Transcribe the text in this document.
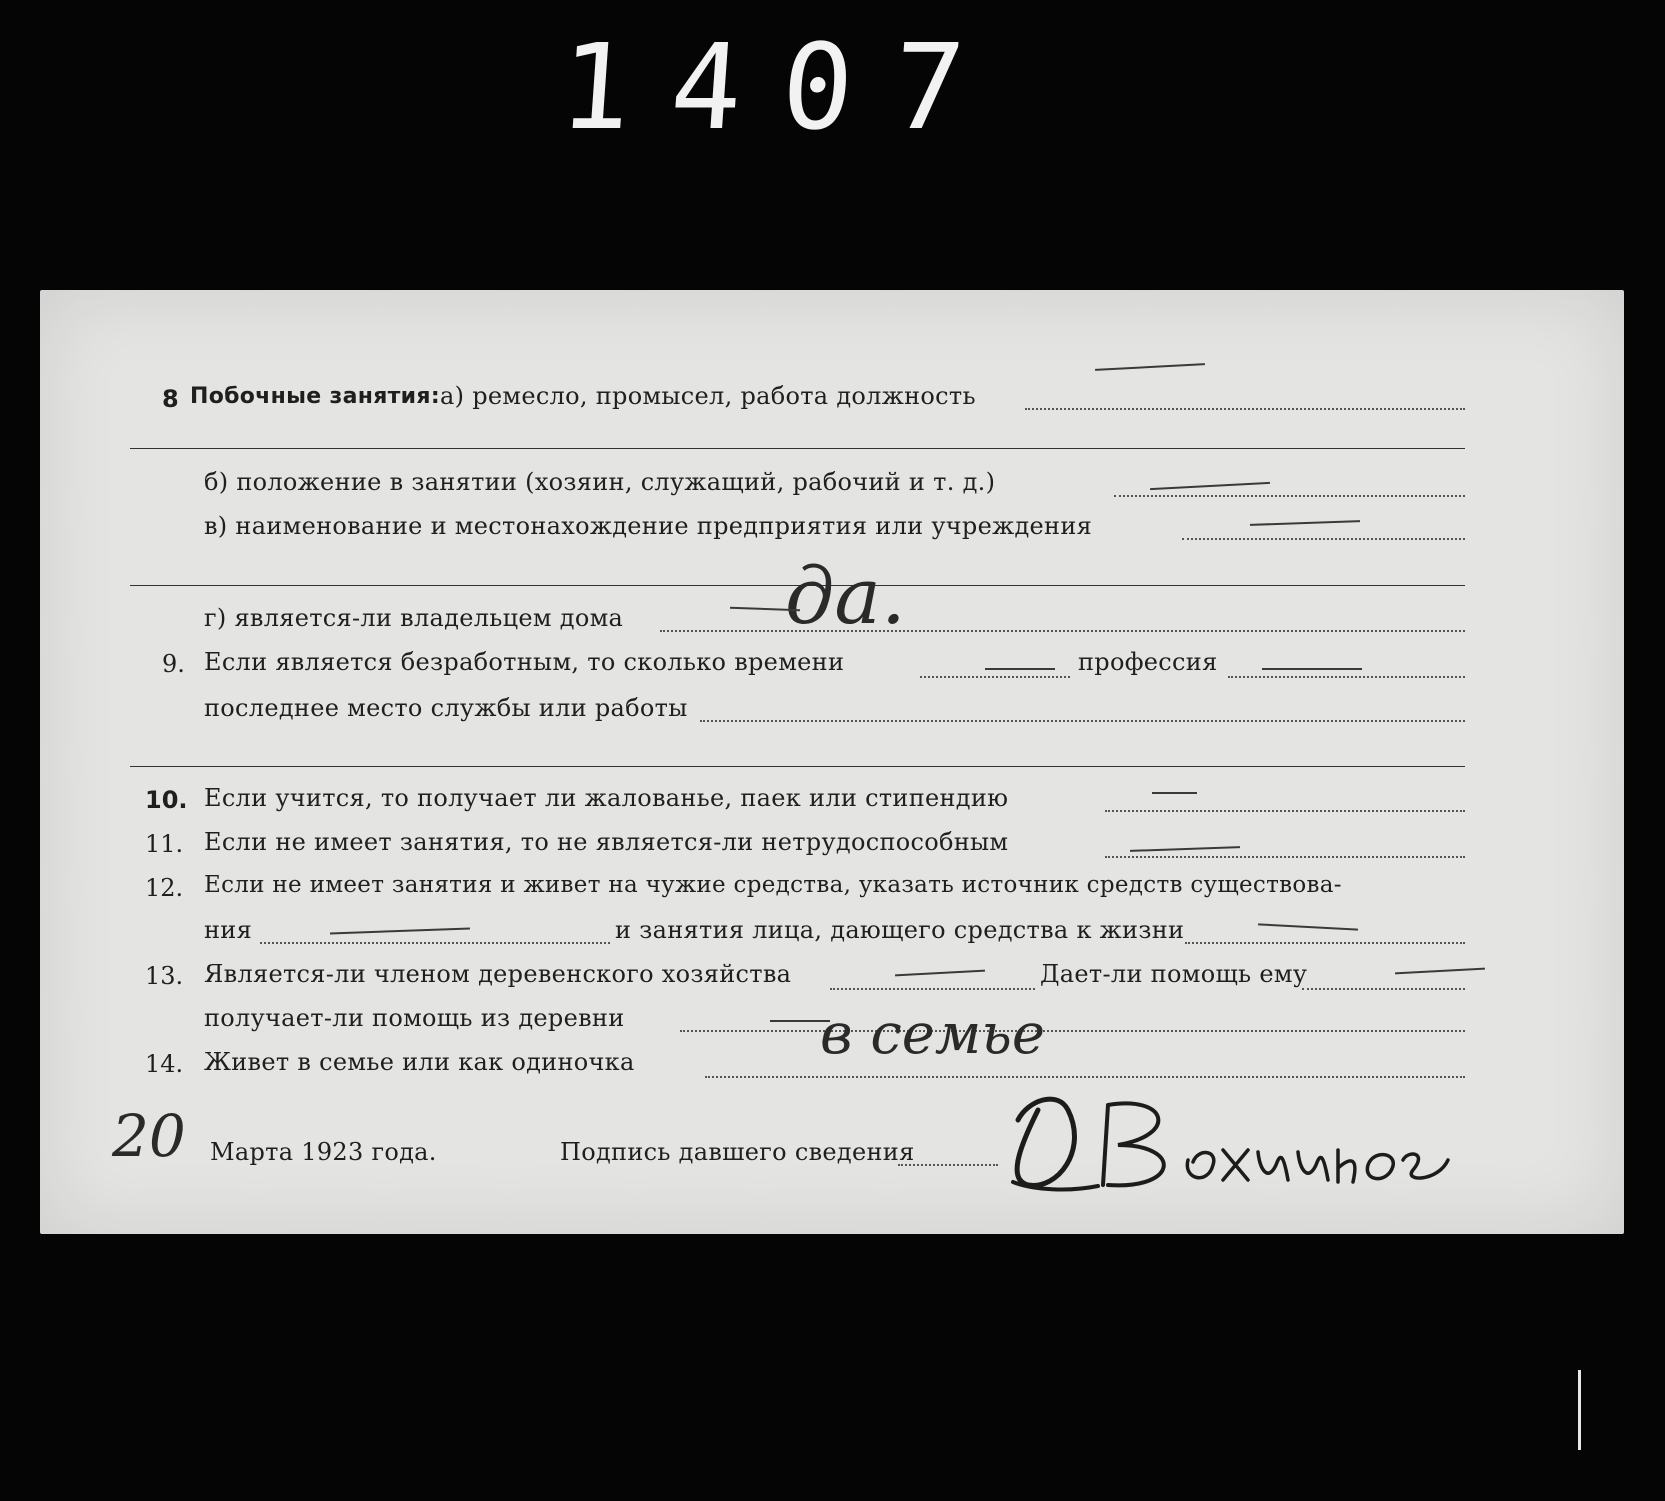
1407
8 Побочные занятия: а) ремесло, промысел, работа должность
б) положение в занятии (хозяин, служащий, рабочий и т. д.)
в) наименование и местонахождение предприятия или учреждения
г) является-ли владельцем дома да.
9. Если является безработным, то сколько времени	профессия
последнее место службы или работы
10. Если учится, то получает ли жалованье, паек или стипендию
11. Если не имеет занятия, то не является-ли нетрудоспособным
12. Если не имеет занятия и живет на чужие средства, указать источник средств существова-
ния	и занятия лица, дающего средства к жизни
13. Является-ли членом деревенского хозяйства	Дает-ли помощь ему
получает-ли помощь из деревни
14. Живет в семье или как одиночка	в семье
20 Марта 1923 года.	Подпись давшего сведения
